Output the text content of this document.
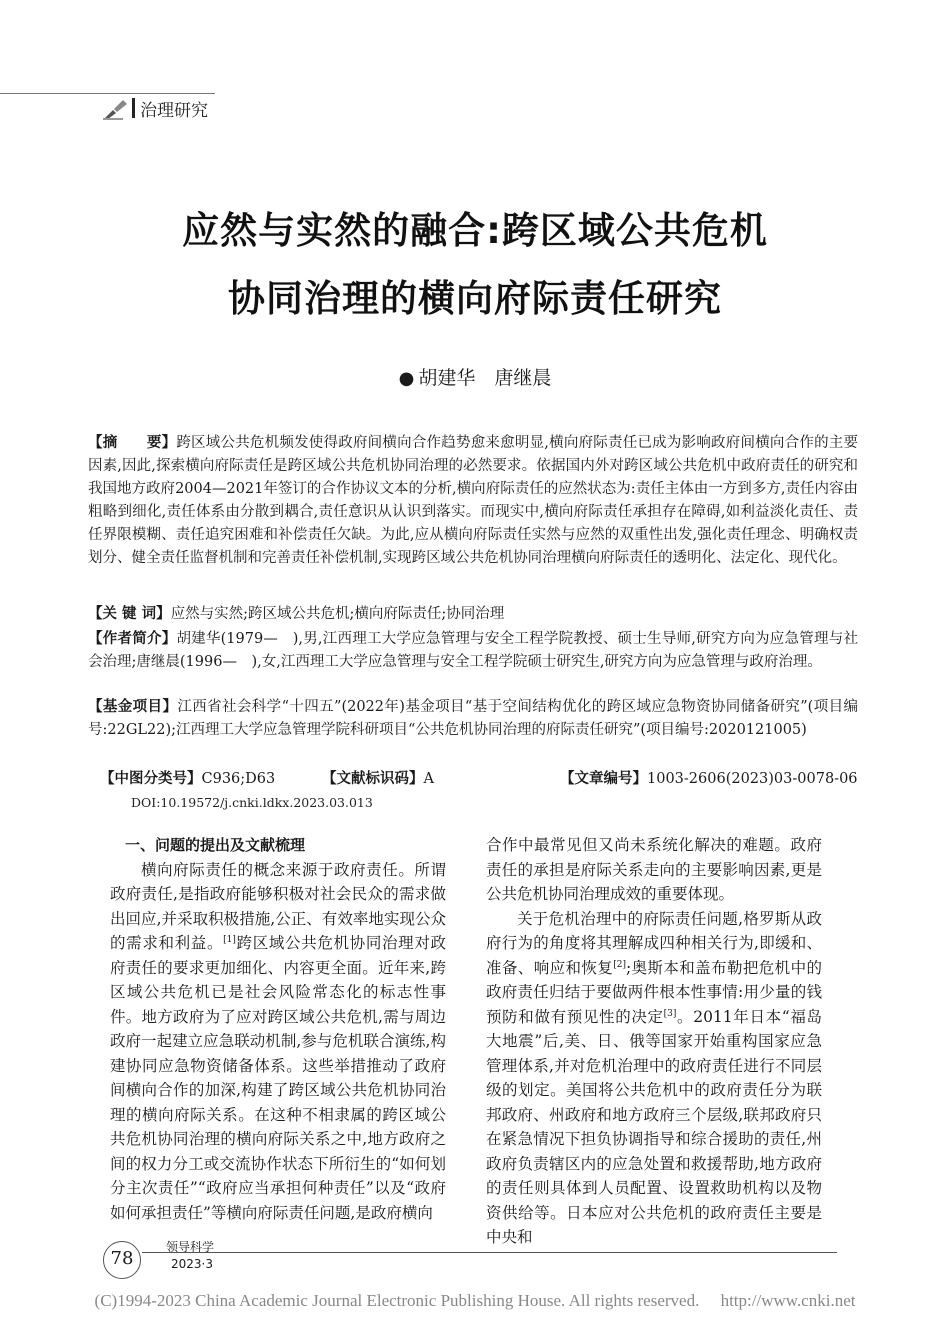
治理研究
应然与实然的融合:跨区域公共危机
协同治理的横向府际责任研究
● 胡建华　唐继晨
【摘　　要】跨区域公共危机频发使得政府间横向合作趋势愈来愈明显,横向府际责任已成为影响政府间横向合作的主要因素,因此,探索横向府际责任是跨区域公共危机协同治理的必然要求。依据国内外对跨区域公共危机中政府责任的研究和我国地方政府2004—2021年签订的合作协议文本的分析,横向府际责任的应然状态为:责任主体由一方到多方,责任内容由粗略到细化,责任体系由分散到耦合,责任意识从认识到落实。而现实中,横向府际责任承担存在障碍,如利益淡化责任、责任界限模糊、责任追究困难和补偿责任欠缺。为此,应从横向府际责任实然与应然的双重性出发,强化责任理念、明确权责划分、健全责任监督机制和完善责任补偿机制,实现跨区域公共危机协同治理横向府际责任的透明化、法定化、现代化。
【关 键 词】应然与实然;跨区域公共危机;横向府际责任;协同治理
【作者简介】胡建华(1979—　),男,江西理工大学应急管理与安全工程学院教授、硕士生导师,研究方向为应急管理与社会治理;唐继晨(1996—　),女,江西理工大学应急管理与安全工程学院硕士研究生,研究方向为应急管理与政府治理。
【基金项目】江西省社会科学“十四五”(2022年)基金项目“基于空间结构优化的跨区域应急物资协同储备研究”(项目编号:22GL22);江西理工大学应急管理学院科研项目“公共危机协同治理的府际责任研究”(项目编号:2020121005)
【中图分类号】C936;D63	【文献标识码】A	【文章编号】1003-2606(2023)03-0078-06
DOI:10.19572/j.cnki.ldkx.2023.03.013

一、问题的提出及文献梳理

横向府际责任的概念来源于政府责任。所谓政府责任,是指政府能够积极对社会民众的需求做出回应,并采取积极措施,公正、有效率地实现公众的需求和利益。[1]跨区域公共危机协同治理对政府责任的要求更加细化、内容更全面。近年来,跨区域公共危机已是社会风险常态化的标志性事件。地方政府为了应对跨区域公共危机,需与周边政府一起建立应急联动机制,参与危机联合演练,构建协同应急物资储备体系。这些举措推动了政府间横向合作的加深,构建了跨区域公共危机协同治理的横向府际关系。在这种不相隶属的跨区域公共危机协同治理的横向府际关系之中,地方政府之间的权力分工或交流协作状态下所衍生的“如何划分主次责任”“政府应当承担何种责任”以及“政府如何承担责任”等横向府际责任问题,是政府横向

合作中最常见但又尚未系统化解决的难题。政府责任的承担是府际关系走向的主要影响因素,更是公共危机协同治理成效的重要体现。

关于危机治理中的府际责任问题,格罗斯从政府行为的角度将其理解成四种相关行为,即缓和、准备、响应和恢复[2];奥斯本和盖布勒把危机中的政府责任归结于要做两件根本性事情:用少量的钱预防和做有预见性的决定[3]。2011年日本“福岛大地震”后,美、日、俄等国家开始重构国家应急管理体系,并对危机治理中的政府责任进行不同层级的划定。美国将公共危机中的政府责任分为联邦政府、州政府和地方政府三个层级,联邦政府只在紧急情况下担负协调指导和综合援助的责任,州政府负责辖区内的应急处置和救援帮助,地方政府的责任则具体到人员配置、设置救助机构以及物资供给等。日本应对公共危机的政府责任主要是中央和

78
领导科学
2023·3
(C)1994-2023 China Academic Journal Electronic Publishing House. All rights reserved.　 http://www.cnki.net
